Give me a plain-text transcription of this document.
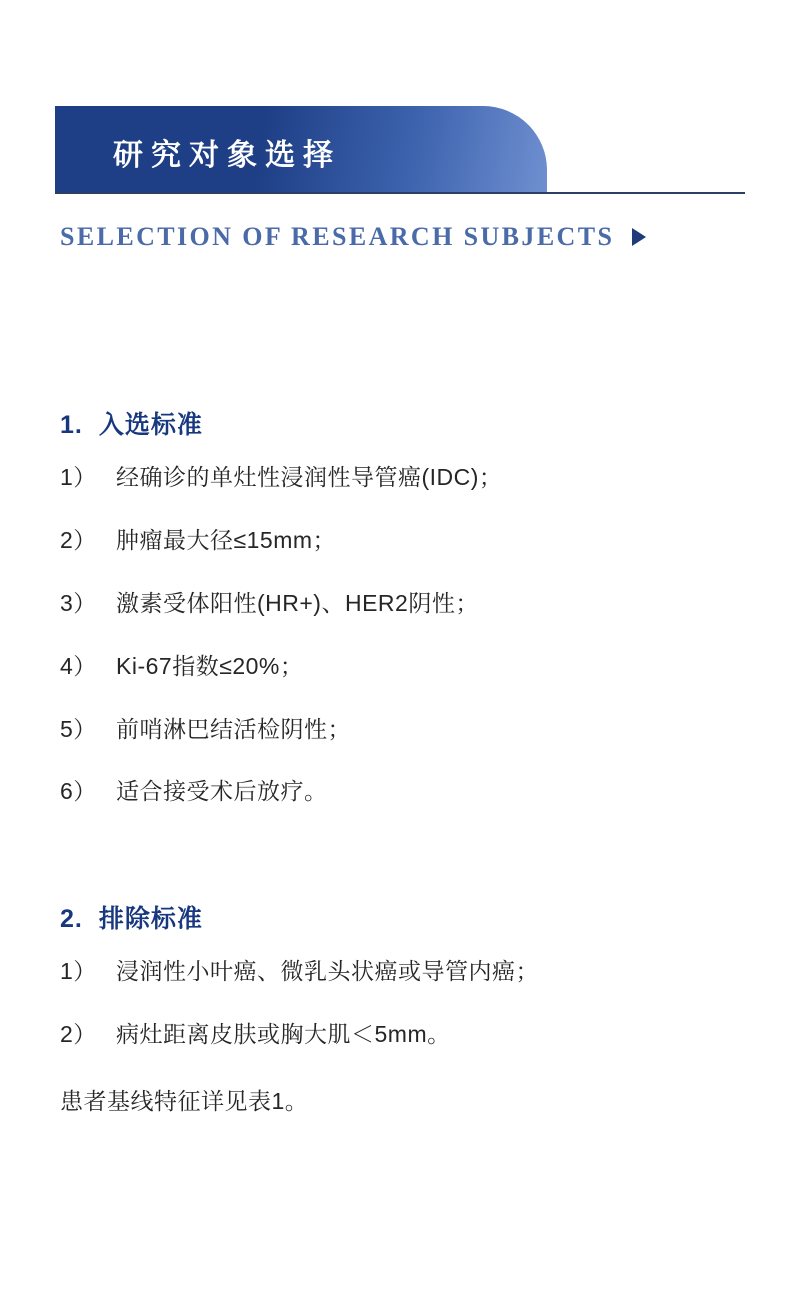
研究对象选择
SELECTION OF RESEARCH SUBJECTS
1. 入选标准
1） 经确诊的单灶性浸润性导管癌(IDC)；
2） 肿瘤最大径≤15mm；
3） 激素受体阳性(HR+)、HER2阴性；
4） Ki-67指数≤20%；
5） 前哨淋巴结活检阴性；
6） 适合接受术后放疗。
2. 排除标准
1） 浸润性小叶癌、微乳头状癌或导管内癌；
2） 病灶距离皮肤或胸大肌＜5mm。
患者基线特征详见表1。
